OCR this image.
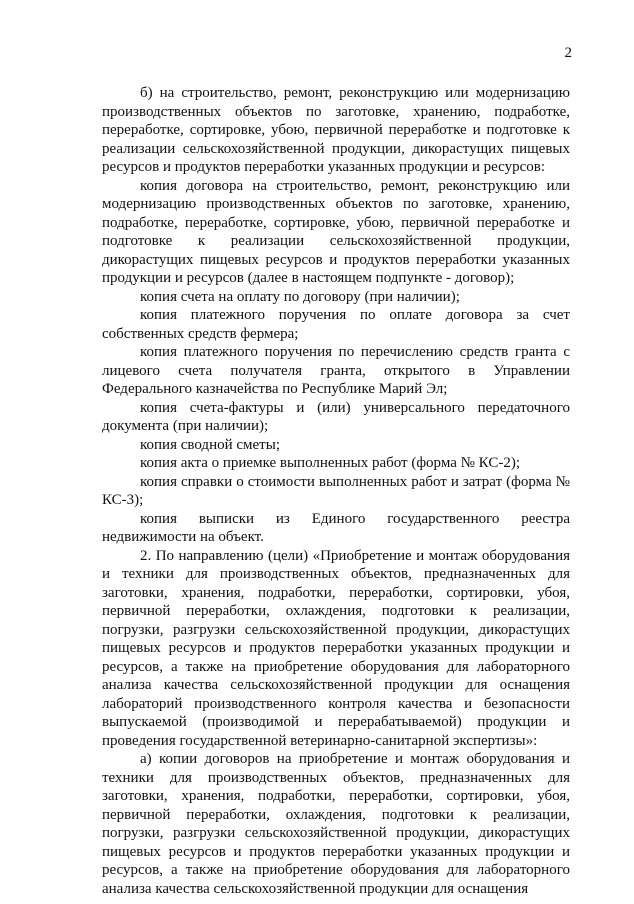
2

б) на строительство, ремонт, реконструкцию или модернизацию производственных объектов по заготовке, хранению, подработке, переработке, сортировке, убою, первичной переработке и подготовке к реализации сельскохозяйственной продукции, дикорастущих пищевых ресурсов и продуктов переработки указанных продукции и ресурсов:

копия договора на строительство, ремонт, реконструкцию или модернизацию производственных объектов по заготовке, хранению, подработке, переработке, сортировке, убою, первичной переработке и подготовке к реализации сельскохозяйственной продукции, дикорастущих пищевых ресурсов и продуктов переработки указанных продукции и ресурсов (далее в настоящем подпункте - договор);

копия счета на оплату по договору (при наличии);

копия платежного поручения по оплате договора за счет собственных средств фермера;

копия платежного поручения по перечислению средств гранта с лицевого счета получателя гранта, открытого в Управлении Федерального казначейства по Республике Марий Эл;

копия счета-фактуры и (или) универсального передаточного документа (при наличии);

копия сводной сметы;

копия акта о приемке выполненных работ (форма № КС-2);

копия справки о стоимости выполненных работ и затрат (форма № КС-3);

копия выписки из Единого государственного реестра недвижимости на объект.

2. По направлению (цели) «Приобретение и монтаж оборудования и техники для производственных объектов, предназначенных для заготовки, хранения, подработки, переработки, сортировки, убоя, первичной переработки, охлаждения, подготовки к реализации, погрузки, разгрузки сельскохозяйственной продукции, дикорастущих пищевых ресурсов и продуктов переработки указанных продукции и ресурсов, а также на приобретение оборудования для лабораторного анализа качества сельскохозяйственной продукции для оснащения лабораторий производственного контроля качества и безопасности выпускаемой (производимой и перерабатываемой) продукции и проведения государственной ветеринарно-санитарной экспертизы»:

а) копии договоров на приобретение и монтаж оборудования и техники для производственных объектов, предназначенных для заготовки, хранения, подработки, переработки, сортировки, убоя, первичной переработки, охлаждения, подготовки к реализации, погрузки, разгрузки сельскохозяйственной продукции, дикорастущих пищевых ресурсов и продуктов переработки указанных продукции и ресурсов, а также на приобретение оборудования для лабораторного анализа качества сельскохозяйственной продукции для оснащения
